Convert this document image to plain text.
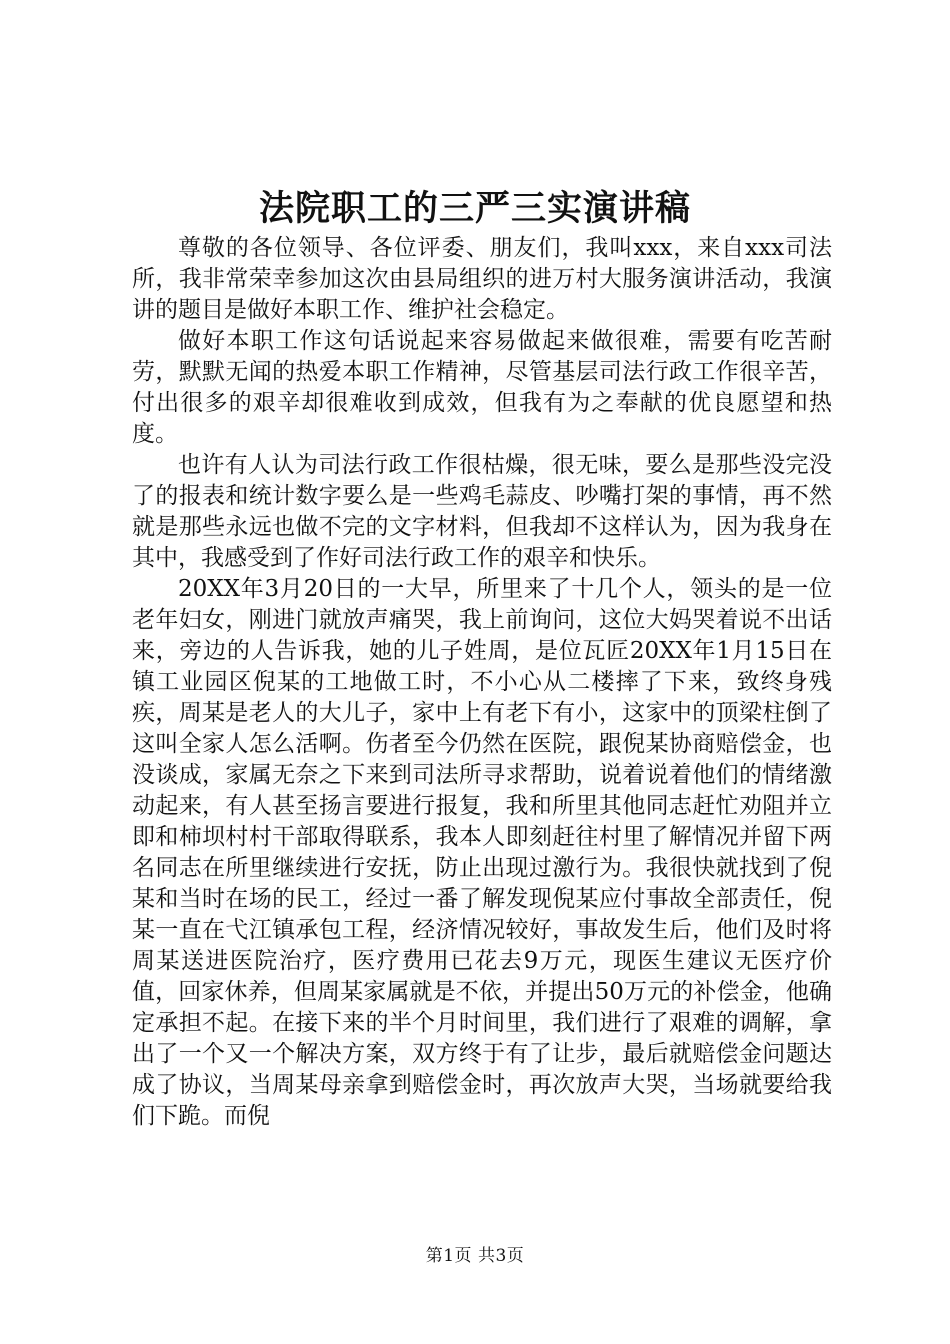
法院职工的三严三实演讲稿

尊敬的各位领导、各位评委、朋友们，我叫xxx，来自xxx司法所，我非常荣幸参加这次由县局组织的进万村大服务演讲活动，我演讲的题目是做好本职工作、维护社会稳定。

做好本职工作这句话说起来容易做起来做很难，需要有吃苦耐劳，默默无闻的热爱本职工作精神，尽管基层司法行政工作很辛苦，付出很多的艰辛却很难收到成效，但我有为之奉献的优良愿望和热度。

也许有人认为司法行政工作很枯燥，很无味，要么是那些没完没了的报表和统计数字要么是一些鸡毛蒜皮、吵嘴打架的事情，再不然就是那些永远也做不完的文字材料，但我却不这样认为，因为我身在其中，我感受到了作好司法行政工作的艰辛和快乐。

20XX年3月20日的一大早，所里来了十几个人，领头的是一位老年妇女，刚进门就放声痛哭，我上前询问，这位大妈哭着说不出话来，旁边的人告诉我，她的儿子姓周，是位瓦匠20XX年1月15日在镇工业园区倪某的工地做工时，不小心从二楼摔了下来，致终身残疾，周某是老人的大儿子，家中上有老下有小，这家中的顶梁柱倒了这叫全家人怎么活啊。伤者至今仍然在医院，跟倪某协商赔偿金，也没谈成，家属无奈之下来到司法所寻求帮助，说着说着他们的情绪激动起来，有人甚至扬言要进行报复，我和所里其他同志赶忙劝阻并立即和柿坝村村干部取得联系，我本人即刻赶往村里了解情况并留下两名同志在所里继续进行安抚，防止出现过激行为。我很快就找到了倪某和当时在场的民工，经过一番了解发现倪某应付事故全部责任，倪某一直在弋江镇承包工程，经济情况较好，事故发生后，他们及时将周某送进医院治疗，医疗费用已花去9万元，现医生建议无医疗价值，回家休养，但周某家属就是不依，并提出50万元的补偿金，他确定承担不起。在接下来的半个月时间里，我们进行了艰难的调解，拿出了一个又一个解决方案，双方终于有了让步，最后就赔偿金问题达成了协议，当周某母亲拿到赔偿金时，再次放声大哭，当场就要给我们下跪。而倪

第1页 共3页
